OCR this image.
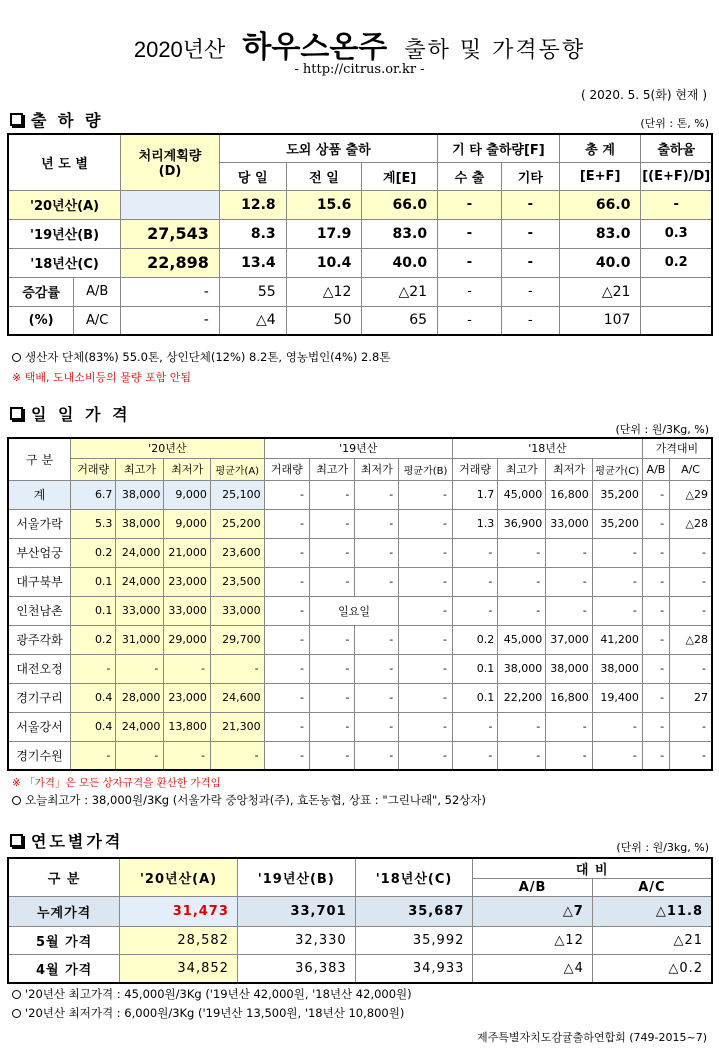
2020년산 하우스온주 출하 및 가격동향
- http://citrus.or.kr -
( 2020. 5. 5(화) 현재 )
출 하 량	(단위 : 톤, %)
년 도 별		처리계획량
(D)	도외 상품 출하			기 타 출하량[F]		총 계	출하율
			당 일	전 일	계[E]	수 출	기타	[E+F]	[(E+F)/D]
'20년산(A)			12.8	15.6	66.0	-	-	66.0	-
'19년산(B)		27,543	8.3	17.9	83.0	-	-	83.0	0.3
'18년산(C)		22,898	13.4	10.4	40.0	-	-	40.0	0.2
증감률	A/B	-	55	△12	△21	-	-	△21	
(%)	A/C	-	△4	50	65	-	-	107	
생산자 단체(83%) 55.0톤, 상인단체(12%) 8.2톤, 영농법인(4%) 2.8톤
※ 택배, 도내소비등의 물량 포함 안됨
일 일 가 격
(단위 : 원/3Kg, %)
구 분	'20년산				'19년산				'18년산				가격대비	
	거래량	최고가	최저가	평균가(A)	거래량	최고가	최저가	평균가(B)	거래량	최고가	최저가	평균가(C)	A/B	A/C
계	6.7	38,000	9,000	25,100	-	-	-	-	1.7	45,000	16,800	35,200	-	△29
서울가락	5.3	38,000	9,000	25,200	-	-	-	-	1.3	36,900	33,000	35,200	-	△28
부산엄궁	0.2	24,000	21,000	23,600	-	-	-	-	-	-	-	-	-	-
대구북부	0.1	24,000	23,000	23,500	-	-	-	-	-	-	-	-	-	-
인천남촌	0.1	33,000	33,000	33,000	-	일요일		-	-	-	-	-	-	-
광주각화	0.2	31,000	29,000	29,700	-	-	-	-	0.2	45,000	37,000	41,200	-	△28
대전오정	-	-	-	-	-	-	-	-	0.1	38,000	38,000	38,000	-	-
경기구리	0.4	28,000	23,000	24,600	-	-	-	-	0.1	22,200	16,800	19,400	-	27
서울강서	0.4	24,000	13,800	21,300	-	-	-	-	-	-	-	-	-	-
경기수원	-	-	-	-	-	-	-	-	-	-	-	-	-	-
※ 「가격」은 모든 상자규격을 환산한 가격임
오늘최고가 : 38,000원/3Kg (서울가락 중앙청과(주), 효돈농협, 상표 : "그린나래", 52상자)
연도별가격	(단위 : 원/3kg, %)
구 분	'20년산(A)	'19년산(B)	'18년산(C)	대 비	
				A/B	A/C
누계가격	31,473	33,701	35,687	△7	△11.8
5월 가격	28,582	32,330	35,992	△12	△21
4월 가격	34,852	36,383	34,933	△4	△0.2
'20년산 최고가격 : 45,000원/3Kg ('19년산 42,000원, '18년산 42,000원)
'20년산 최저가격 : 6,000원/3Kg ('19년산 13,500원, '18년산 10,800원)
제주특별자치도감귤출하연합회 (749-2015~7)
